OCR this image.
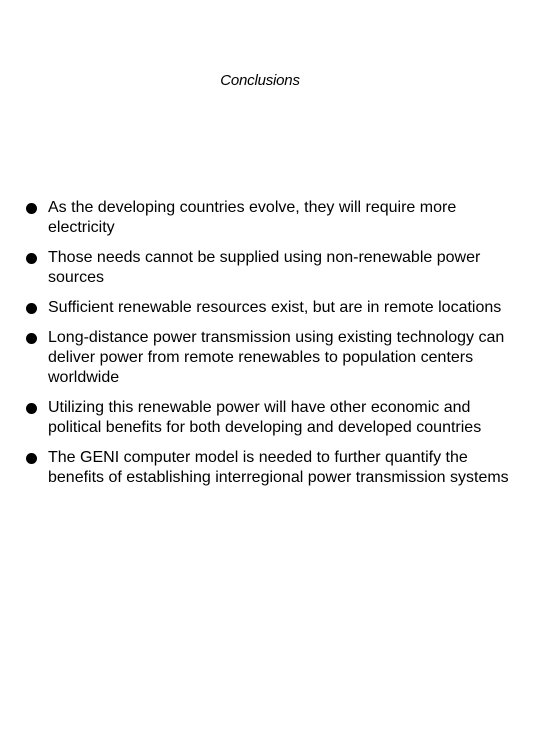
Conclusions
As the developing countries evolve, they will require more electricity
Those needs cannot be supplied using non-renewable power sources
Sufficient renewable resources exist, but are in remote locations
Long-distance power transmission using existing technology can deliver power from remote renewables to population centers worldwide
Utilizing this renewable power will have other economic and political benefits for both developing and developed countries
The GENI computer model is needed to further quantify the benefits of establishing interregional power transmission systems
